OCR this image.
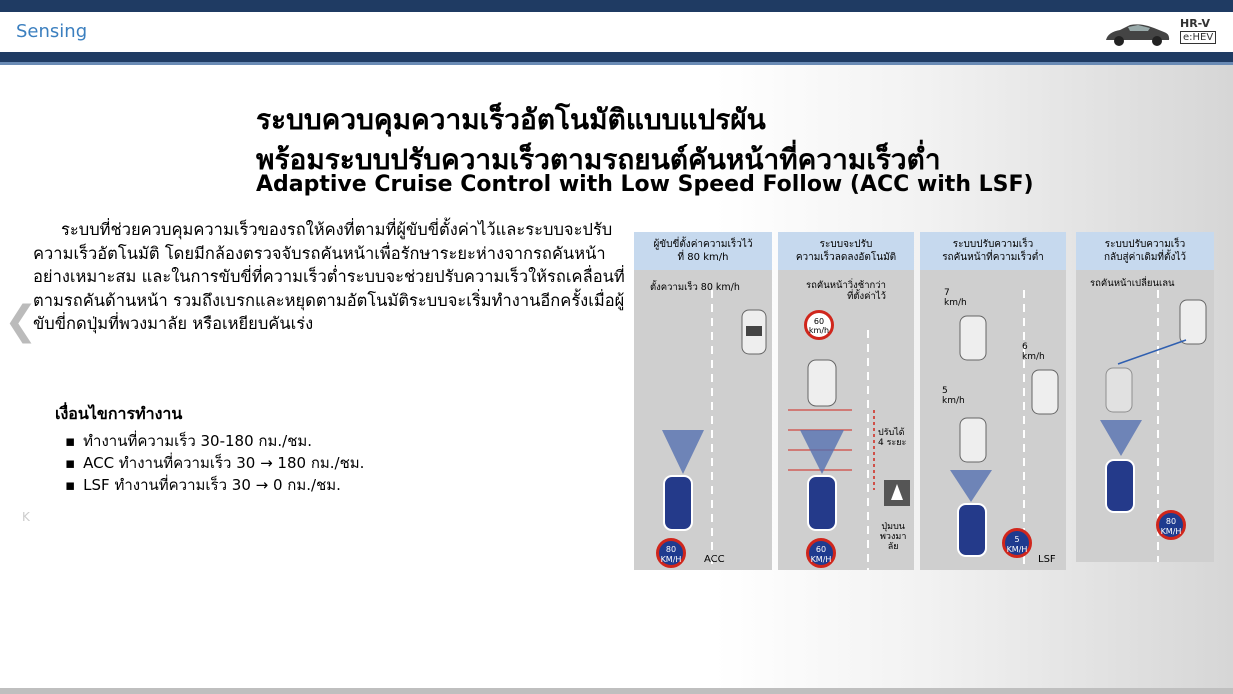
Sensing	HR-V
e:HEV
ระบบควบคุมความเร็วอัตโนมัติแบบแปรผัน
พร้อมระบบปรับความเร็วตามรถยนต์คันหน้าที่ความเร็วต่ำ
Adaptive Cruise Control with Low Speed Follow (ACC with LSF)
❮
K

ระบบที่ช่วยควบคุมความเร็วของรถให้คงที่ตามที่ผู้ขับขี่ตั้งค่าไว้และระบบจะปรับความเร็วอัตโนมัติ โดยมีกล้องตรวจจับรถคันหน้าเพื่อรักษาระยะห่างจากรถคันหน้าอย่างเหมาะสม และในการขับขี่ที่ความเร็วต่ำระบบจะช่วยปรับความเร็วให้รถเคลื่อนที่ตามรถคันด้านหน้า รวมถึงเบรกและหยุดตามอัตโนมัติระบบจะเริ่มทำงานอีกครั้งเมื่อผู้ขับขี่กดปุ่มที่พวงมาลัย หรือเหยียบคันเร่ง

เงื่อนไขการทำงาน
▪ ทำงานที่ความเร็ว 30-180 กม./ชม.
▪ ACC ทำงานที่ความเร็ว 30 → 180 กม./ชม.
▪ LSF ทำงานที่ความเร็ว 30 → 0 กม./ชม.
ผู้ขับขี่ตั้งค่าความเร็วไว้
ที่ 80 km/h
ตั้งความเร็ว 80 km/h
80
KM/H	ACC
ระบบจะปรับ
ความเร็วลดลงอัตโนมัติ
รถคันหน้าวิ่งช้ากว่า
ที่ตั้งค่าไว้
60
km/h
ปรับได้
4 ระยะ
ปุ่มบน
พวงมา
ลัย
60
KM/H
ระบบปรับความเร็ว
รถคันหน้าที่ความเร็วต่ำ
7
km/h
6
km/h
5
km/h
5
KM/H
LSF
ระบบปรับความเร็ว
กลับสู่ค่าเดิมที่ตั้งไว้
รถคันหน้าเปลี่ยนเลน
80
KM/H
